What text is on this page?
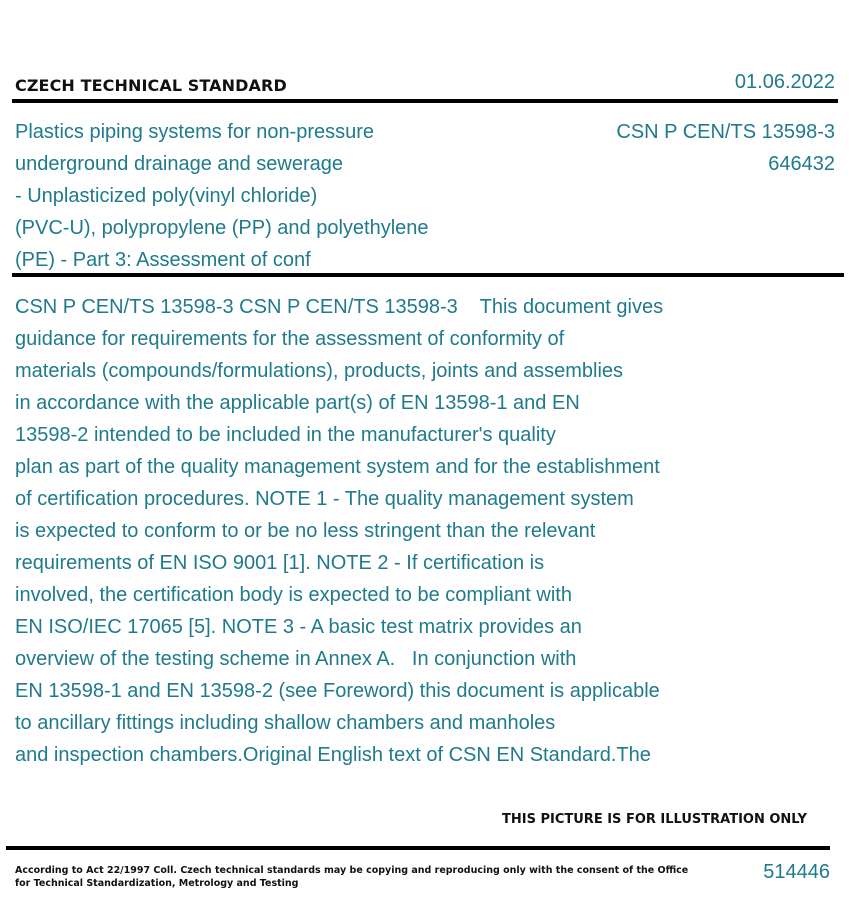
CZECH TECHNICAL STANDARD	01.06.2022
Plastics piping systems for non-pressure
underground drainage and sewerage
- Unplasticized poly(vinyl chloride)
(PVC-U), polypropylene (PP) and polyethylene
(PE) - Part 3: Assessment of conf
CSN P CEN/TS 13598-3
646432
CSN P CEN/TS 13598-3 CSN P CEN/TS 13598-3    This document gives
guidance for requirements for the assessment of conformity of
materials (compounds/formulations), products, joints and assemblies
in accordance with the applicable part(s) of EN 13598-1 and EN
13598-2 intended to be included in the manufacturer's quality
plan as part of the quality management system and for the establishment
of certification procedures. NOTE 1 - The quality management system
is expected to conform to or be no less stringent than the relevant
requirements of EN ISO 9001 [1]. NOTE 2 - If certification is
involved, the certification body is expected to be compliant with
EN ISO/IEC 17065 [5]. NOTE 3 - A basic test matrix provides an
overview of the testing scheme in Annex A.   In conjunction with
EN 13598-1 and EN 13598-2 (see Foreword) this document is applicable
to ancillary fittings including shallow chambers and manholes
and inspection chambers.Original English text of CSN EN Standard.The
THIS PICTURE IS FOR ILLUSTRATION ONLY
According to Act 22/1997 Coll. Czech technical standards may be copying and reproducing only with the consent of the Office
for Technical Standardization, Metrology and Testing
514446
